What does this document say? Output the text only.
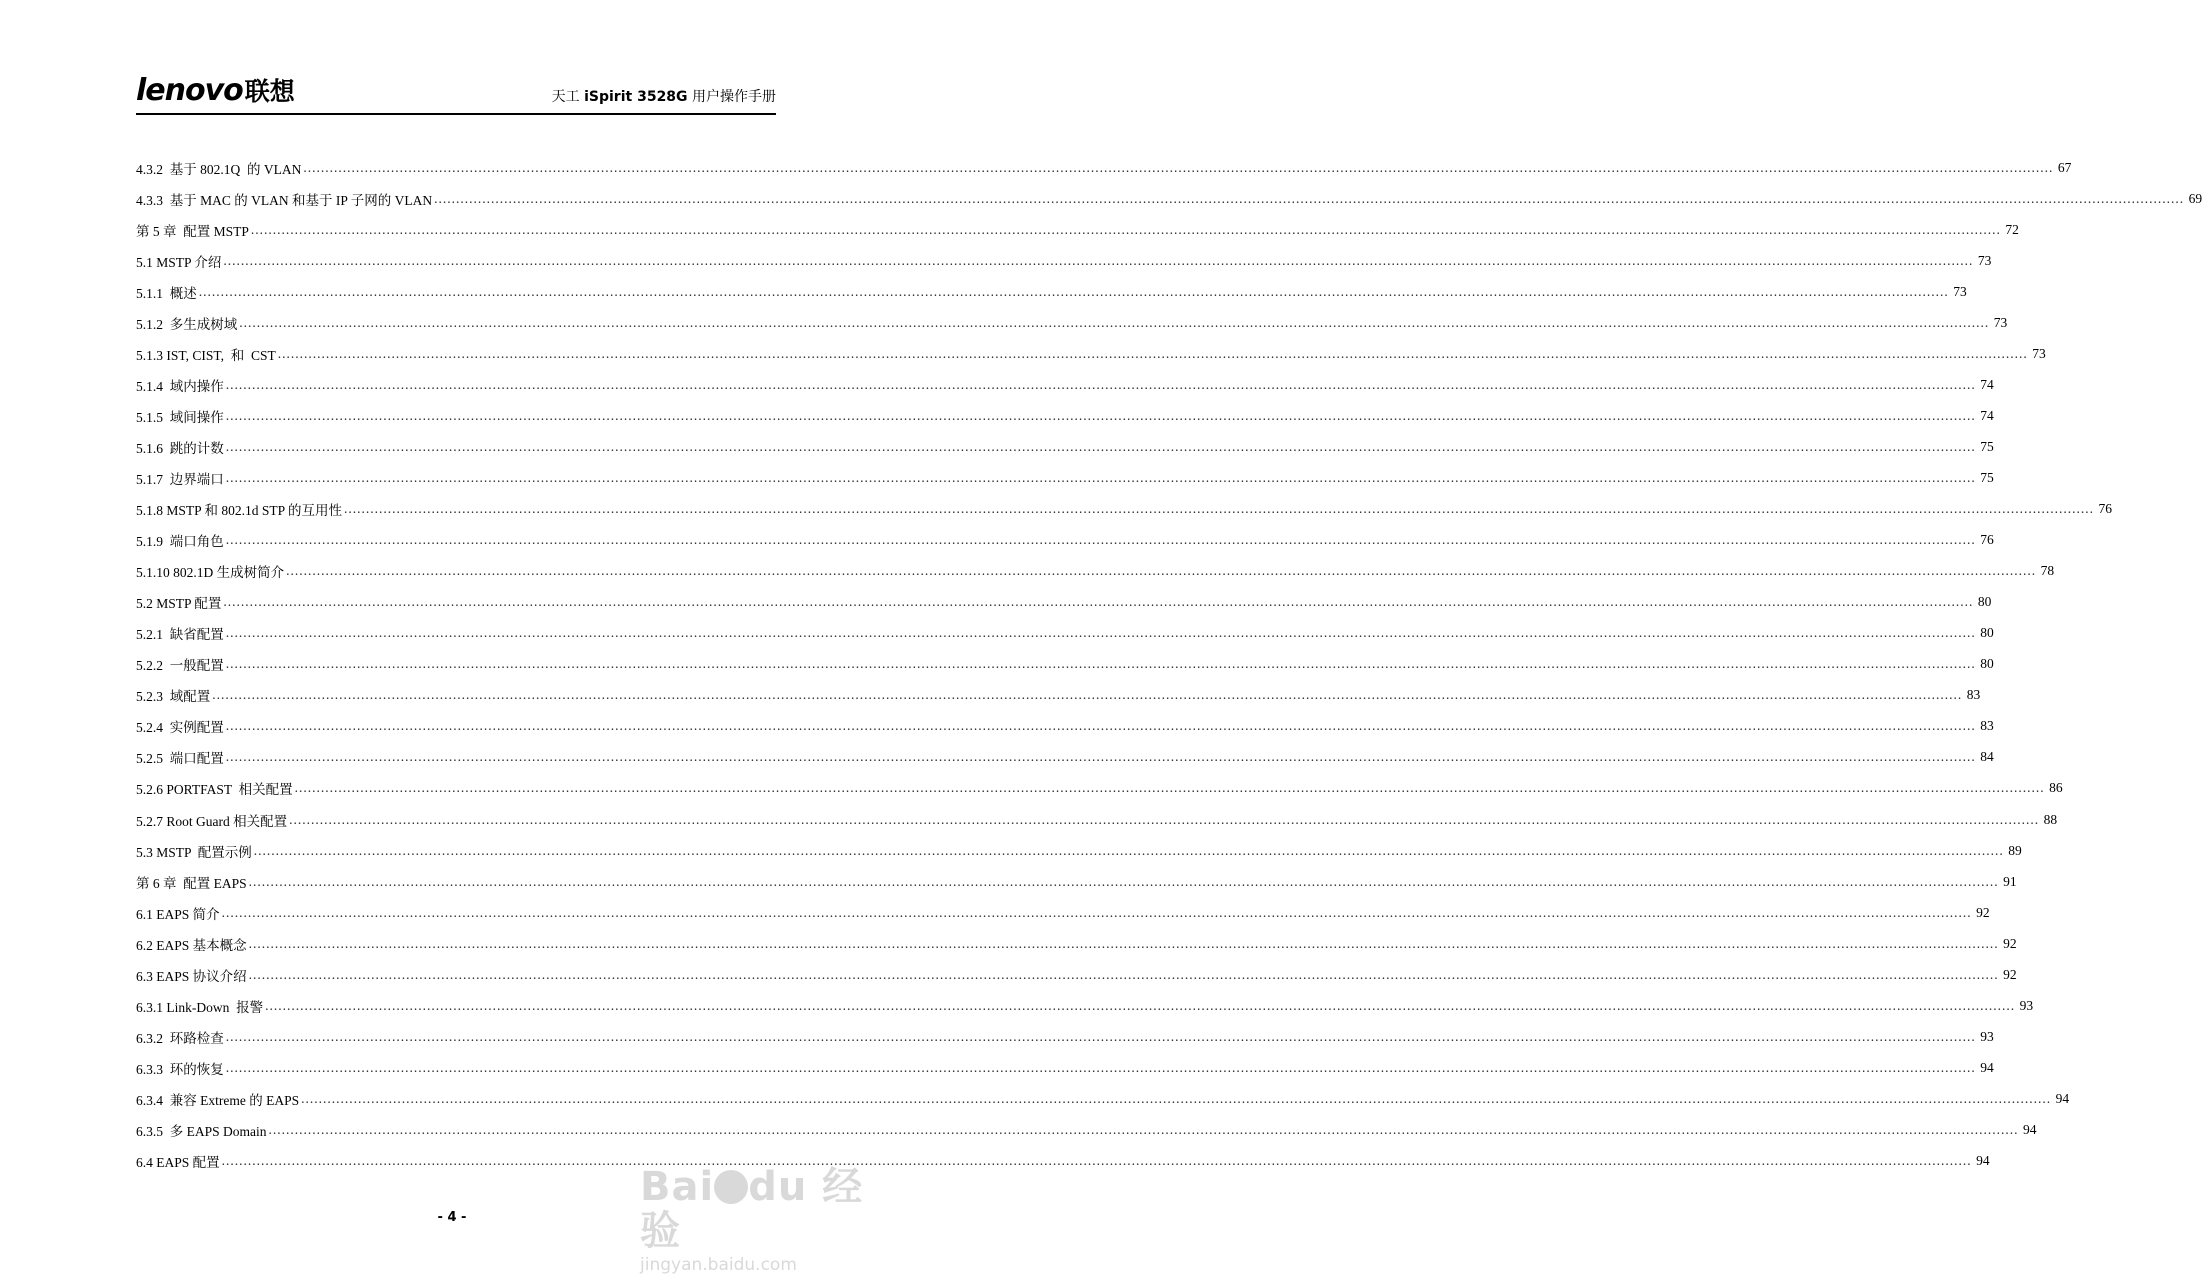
lenovo联想	天工 iSpirit 3528G 用户操作手册
4.3.2  基于 802.1Q  的 VLAN ................................................................................................................................................................................................................................................................................................................................................................................................................ 67
4.3.3  基于 MAC 的 VLAN 和基于 IP 子网的 VLAN ................................................................................................................................................................................................................................................................................................................................................................................................................ 69
第 5 章  配置 MSTP ................................................................................................................................................................................................................................................................................................................................................................................................................ 72
5.1 MSTP 介绍 ................................................................................................................................................................................................................................................................................................................................................................................................................ 73
5.1.1  概述 ................................................................................................................................................................................................................................................................................................................................................................................................................ 73
5.1.2  多生成树域 ................................................................................................................................................................................................................................................................................................................................................................................................................ 73
5.1.3 IST, CIST,  和  CST ................................................................................................................................................................................................................................................................................................................................................................................................................ 73
5.1.4  域内操作 ................................................................................................................................................................................................................................................................................................................................................................................................................ 74
5.1.5  域间操作 ................................................................................................................................................................................................................................................................................................................................................................................................................ 74
5.1.6  跳的计数 ................................................................................................................................................................................................................................................................................................................................................................................................................ 75
5.1.7  边界端口 ................................................................................................................................................................................................................................................................................................................................................................................................................ 75
5.1.8 MSTP 和 802.1d STP 的互用性 ................................................................................................................................................................................................................................................................................................................................................................................................................ 76
5.1.9  端口角色 ................................................................................................................................................................................................................................................................................................................................................................................................................ 76
5.1.10 802.1D 生成树简介 ................................................................................................................................................................................................................................................................................................................................................................................................................ 78
5.2 MSTP 配置 ................................................................................................................................................................................................................................................................................................................................................................................................................ 80
5.2.1  缺省配置 ................................................................................................................................................................................................................................................................................................................................................................................................................ 80
5.2.2  一般配置 ................................................................................................................................................................................................................................................................................................................................................................................................................ 80
5.2.3  域配置 ................................................................................................................................................................................................................................................................................................................................................................................................................ 83
5.2.4  实例配置 ................................................................................................................................................................................................................................................................................................................................................................................................................ 83
5.2.5  端口配置 ................................................................................................................................................................................................................................................................................................................................................................................................................ 84
5.2.6 PORTFAST  相关配置 ................................................................................................................................................................................................................................................................................................................................................................................................................ 86
5.2.7 Root Guard 相关配置 ................................................................................................................................................................................................................................................................................................................................................................................................................ 88
5.3 MSTP  配置示例 ................................................................................................................................................................................................................................................................................................................................................................................................................ 89
第 6 章  配置 EAPS ................................................................................................................................................................................................................................................................................................................................................................................................................ 91
6.1 EAPS 简介 ................................................................................................................................................................................................................................................................................................................................................................................................................ 92
6.2 EAPS 基本概念 ................................................................................................................................................................................................................................................................................................................................................................................................................ 92
6.3 EAPS 协议介绍 ................................................................................................................................................................................................................................................................................................................................................................................................................ 92
6.3.1 Link-Down  报警 ................................................................................................................................................................................................................................................................................................................................................................................................................ 93
6.3.2  环路检查 ................................................................................................................................................................................................................................................................................................................................................................................................................ 93
6.3.3  环的恢复 ................................................................................................................................................................................................................................................................................................................................................................................................................ 94
6.3.4  兼容 Extreme 的 EAPS ................................................................................................................................................................................................................................................................................................................................................................................................................ 94
6.3.5  多 EAPS Domain ................................................................................................................................................................................................................................................................................................................................................................................................................ 94
6.4 EAPS 配置 ................................................................................................................................................................................................................................................................................................................................................................................................................ 94
Bai du 经验
jingyan.baidu.com
- 4 -
